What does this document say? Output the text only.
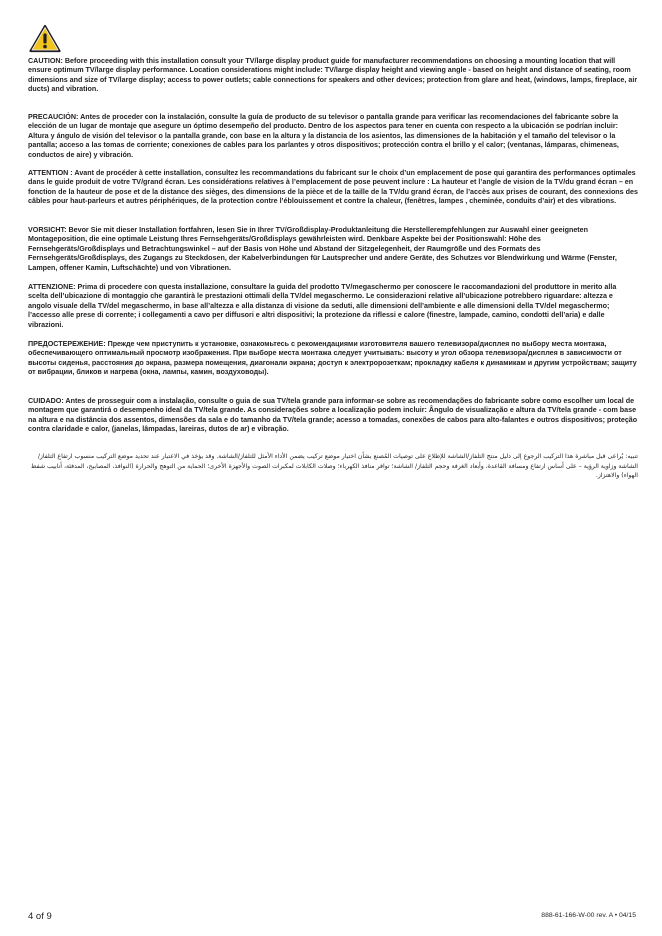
CAUTION: Before proceeding with this installation consult your TV/large display product guide for manufacturer recommendations on choosing a mounting location that will ensure optimum TV/large display performance. Location considerations might include: TV/large display height and viewing angle - based on height and distance of seating, room dimensions and size of TV/large display; access to power outlets; cable connections for speakers and other devices; protection from glare and heat, (windows, lamps, fireplace, air ducts) and vibration.

PRECAUCIÓN: Antes de proceder con la instalación, consulte la guía de producto de su televisor o pantalla grande para verificar las recomendaciones del fabricante sobre la elección de un lugar de montaje que asegure un óptimo desempeño del producto. Dentro de los aspectos para tener en cuenta con respecto a la ubicación se podrían incluir: Altura y ángulo de visión del televisor o la pantalla grande, con base en la altura y la distancia de los asientos, las dimensiones de la habitación y el tamaño del televisor o la pantalla; acceso a las tomas de corriente; conexiones de cables para los parlantes y otros dispositivos; protección contra el brillo y el calor; (ventanas, lámparas, chimeneas, conductos de aire) y vibración.

ATTENTION : Avant de procéder à cette installation, consultez les recommandations du fabricant sur le choix d’un emplacement de pose qui garantira des performances optimales dans le guide produit de votre TV/grand écran. Les considérations relatives à l’emplacement de pose peuvent inclure : La hauteur et l’angle de vision de la TV/du grand écran – en fonction de la hauteur de pose et de la distance des sièges, des dimensions de la pièce et de la taille de la TV/du grand écran, de l’accès aux prises de courant, des connexions des câbles pour haut-parleurs et autres périphériques, de la protection contre l’éblouissement et contre la chaleur, (fenêtres, lampes , cheminée, conduits d’air) et des vibrations.

VORSICHT: Bevor Sie mit dieser Installation fortfahren, lesen Sie in Ihrer TV/Großdisplay-Produktanleitung die Herstellerempfehlungen zur Auswahl einer geeigneten Montageposition, die eine optimale Leistung Ihres Fernsehgeräts/Großdisplays gewährleisten wird. Denkbare Aspekte bei der Positionswahl: Höhe des Fernsehgeräts/Großdisplays und Betrachtungswinkel – auf der Basis von Höhe und Abstand der Sitzgelegenheit, der Raumgröße und des Formats des Fernsehgeräts/Großdisplays, des Zugangs zu Steckdosen, der Kabelverbindungen für Lautsprecher und andere Geräte, des Schutzes vor Blendwirkung und Wärme (Fenster, Lampen, offener Kamin, Luftschächte) und von Vibrationen.

ATTENZIONE: Prima di procedere con questa installazione, consultare la guida del prodotto TV/megaschermo per conoscere le raccomandazioni del produttore in merito alla scelta dell’ubicazione di montaggio che garantirà le prestazioni ottimali della TV/del megaschermo. Le considerazioni relative all’ubicazione potrebbero riguardare: altezza e angolo visuale della TV/del megaschermo, in base all’altezza e alla distanza di visione da seduti, alle dimensioni dell’ambiente e alle dimensioni della TV/del megaschermo; l’accesso alle prese di corrente; i collegamenti a cavo per diffusori e altri dispositivi; la protezione da riflessi e calore (finestre, lampade, camino, condotti dell’aria) e dalle vibrazioni.

ПРЕДОСТЕРЕЖЕНИЕ: Прежде чем приступить к установке, ознакомьтесь с рекомендациями изготовителя вашего телевизора/дисплея по выбору места монтажа, обеспечивающего оптимальный просмотр изображения. При выборе места монтажа следует учитывать: высоту и угол обзора телевизора/дисплея в зависимости от высоты сиденья, расстояния до экрана, размера помещения, диагонали экрана; доступ к электророзеткам; прокладку кабеля к динамикам и другим устройствам; защиту от вибрации, бликов и нагрева (окна, лампы, камин, воздуховоды).

CUIDADO: Antes de prosseguir com a instalação, consulte o guia de sua TV/tela grande para informar-se sobre as recomendações do fabricante sobre como escolher um local de montagem que garantirá o desempenho ideal da TV/tela grande. As considerações sobre a localização podem incluir: Ângulo de visualização e altura da TV/tela grande - com base na altura e na distância dos assentos, dimensões da sala e do tamanho da TV/tela grande; acesso a tomadas, conexões de cabos para alto-falantes e outros dispositivos; proteção contra claridade e calor, (janelas, lâmpadas, lareiras, dutos de ar) e vibração.

تنبيه: يُراعى قبل مباشرة هذا التركيب الرجوع إلى دليل منتج التلفاز/الشاشة للإطلاع على توصيات المُصنع بشأن اختيار موضع تركيب يضمن الأداء الأمثل للتلفاز/الشاشة. وقد يؤخذ في الاعتبار عند تحديد موضع التركيب منسوب ارتفاع التلفاز/ الشاشة وزاوية الرؤية – على أساس ارتفاع ومسافة القاعدة، وأبعاد الغرفة وحجم التلفاز/ الشاشة؛ توافر منافذ الكهرباء؛ وصلات الكابلات لمكبرات الصوت والأجهزة الأخرى؛ الحماية من التوهج والحرارة (النوافذ، المصابيح، المدفئة، أنابيب شفط الهواء) والاهتزاز.

4 of 9	888-61-166-W-00 rev. A • 04/15
